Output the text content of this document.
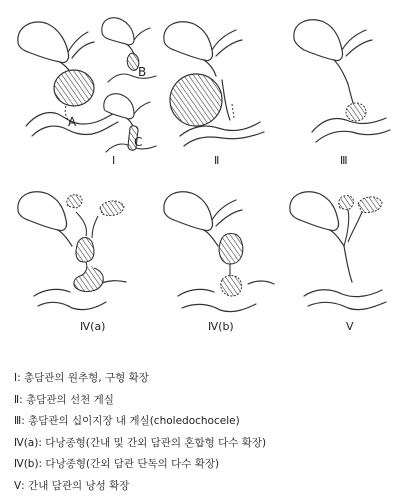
A
B
C
Ⅰ	Ⅱ	Ⅲ
Ⅳ(a)	Ⅳ(b)	Ⅴ
Ⅰ: 총담관의 원추형, 구형 확장
Ⅱ: 총담관의 선천 게실
Ⅲ: 총담관의 십이지장 내 게실(choledochocele)
Ⅳ(a): 다낭종형(간내 및 간외 담관의 혼합형 다수 확장)
Ⅳ(b): 다낭종형(간외 담관 단독의 다수 확장)
Ⅴ: 간내 담관의 낭성 확장
